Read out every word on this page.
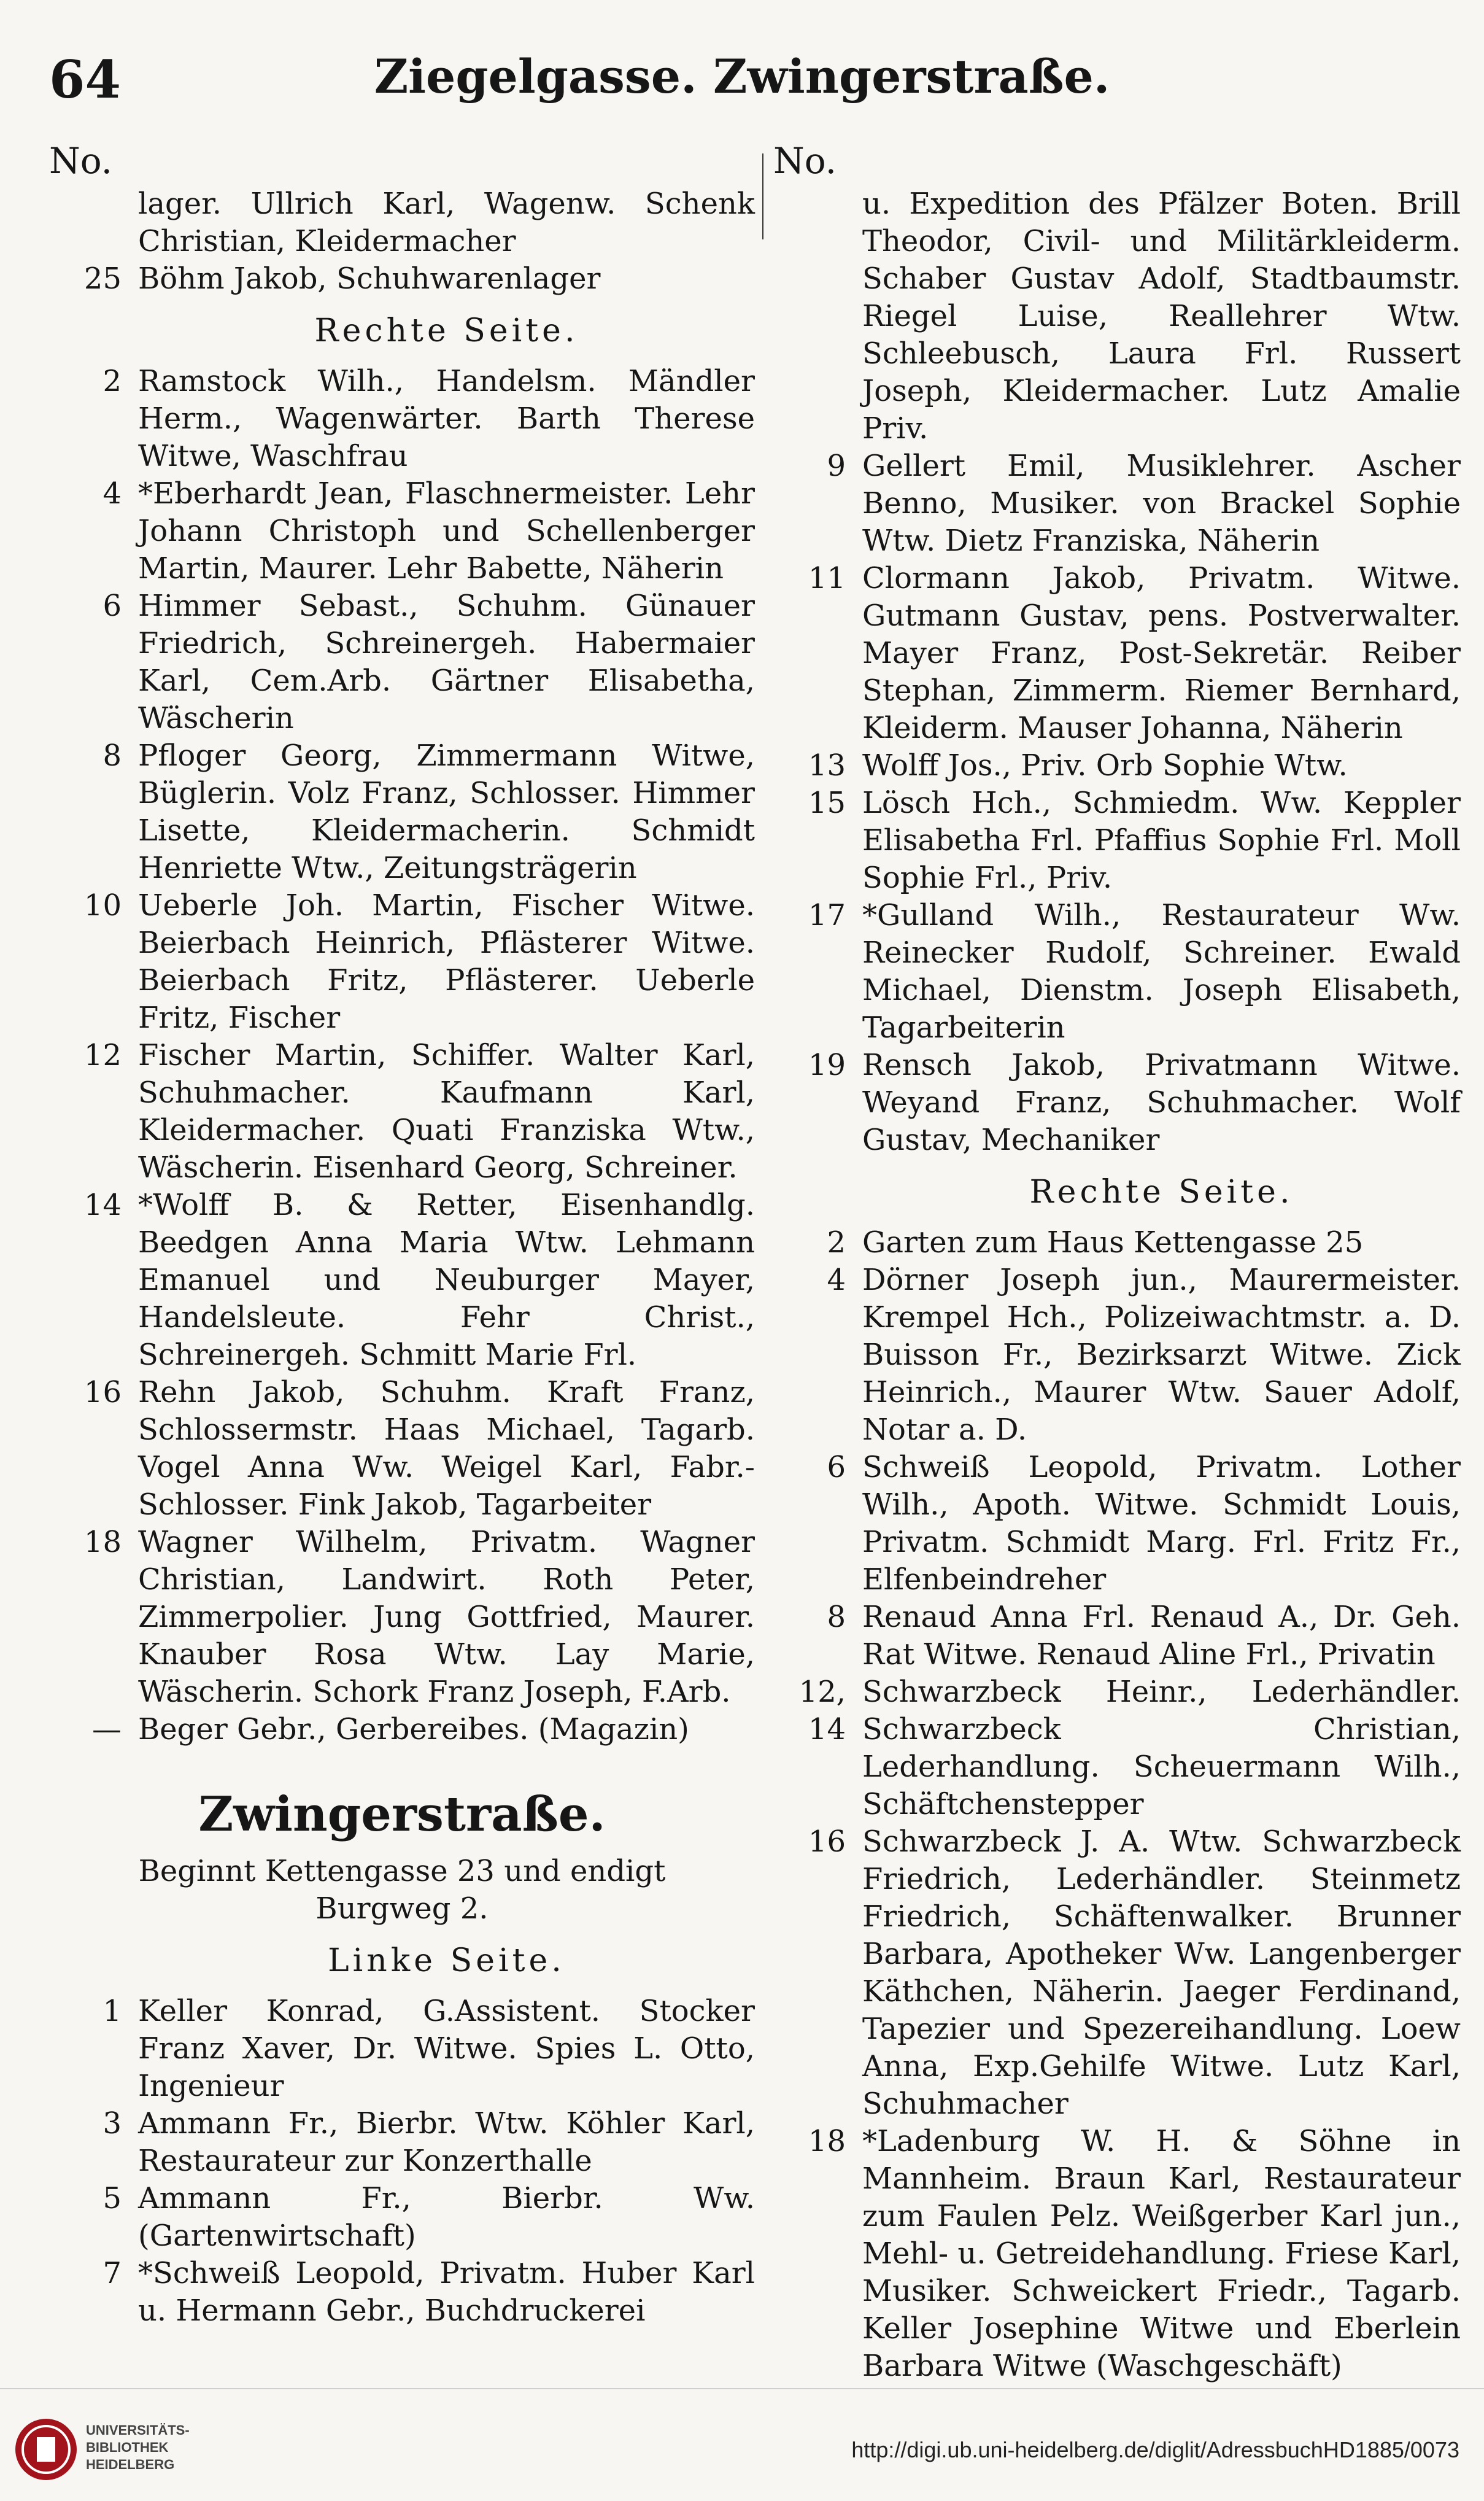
64	Ziegelgasse. Zwingerstraße.
No.
lager. Ullrich Karl, Wagenw. Schenk Christian, Kleidermacher
25 Böhm Jakob, Schuhwarenlager
Rechte Seite.
2 Ramstock Wilh., Handelsm. Mändler Herm., Wagenwärter. Barth Therese Witwe, Waschfrau
4 *Eberhardt Jean, Flaschnermeister. Lehr Johann Christoph und Schellenberger Martin, Maurer. Lehr Babette, Näherin
6 Himmer Sebast., Schuhm. Günauer Friedrich, Schreinergeh. Habermaier Karl, Cem.Arb. Gärtner Elisabetha, Wäscherin
8 Pfloger Georg, Zimmermann Witwe, Büglerin. Volz Franz, Schlosser. Himmer Lisette, Kleidermacherin. Schmidt Henriette Wtw., Zeitungsträgerin
10 Ueberle Joh. Martin, Fischer Witwe. Beierbach Heinrich, Pflästerer Witwe. Beierbach Fritz, Pflästerer. Ueberle Fritz, Fischer
12 Fischer Martin, Schiffer. Walter Karl, Schuhmacher. Kaufmann Karl, Kleidermacher. Quati Franziska Wtw., Wäscherin. Eisenhard Georg, Schreiner.
14 *Wolff B. & Retter, Eisenhandlg. Beedgen Anna Maria Wtw. Lehmann Emanuel und Neuburger Mayer, Handelsleute. Fehr Christ., Schreinergeh. Schmitt Marie Frl.
16 Rehn Jakob, Schuhm. Kraft Franz, Schlossermstr. Haas Michael, Tagarb. Vogel Anna Ww. Weigel Karl, Fabr.-Schlosser. Fink Jakob, Tagarbeiter
18 Wagner Wilhelm, Privatm. Wagner Christian, Landwirt. Roth Peter, Zimmerpolier. Jung Gottfried, Maurer. Knauber Rosa Wtw. Lay Marie, Wäscherin. Schork Franz Joseph, F.Arb.
— Beger Gebr., Gerbereibes. (Magazin)
Zwingerstraße.
Beginnt Kettengasse 23 und endigt Burgweg 2.
Linke Seite.
1 Keller Konrad, G.Assistent. Stocker Franz Xaver, Dr. Witwe. Spies L. Otto, Ingenieur
3 Ammann Fr., Bierbr. Wtw. Köhler Karl, Restaurateur zur Konzerthalle
5 Ammann Fr., Bierbr. Ww. (Gartenwirtschaft)
7 *Schweiß Leopold, Privatm. Huber Karl u. Hermann Gebr., Buchdruckerei
No.
u. Expedition des Pfälzer Boten. Brill Theodor, Civil- und Militärkleiderm. Schaber Gustav Adolf, Stadtbaumstr. Riegel Luise, Reallehrer Wtw. Schleebusch, Laura Frl. Russert Joseph, Kleidermacher. Lutz Amalie Priv.
9 Gellert Emil, Musiklehrer. Ascher Benno, Musiker. von Brackel Sophie Wtw. Dietz Franziska, Näherin
11 Clormann Jakob, Privatm. Witwe. Gutmann Gustav, pens. Postverwalter. Mayer Franz, Post-Sekretär. Reiber Stephan, Zimmerm. Riemer Bernhard, Kleiderm. Mauser Johanna, Näherin
13 Wolff Jos., Priv. Orb Sophie Wtw.
15 Lösch Hch., Schmiedm. Ww. Keppler Elisabetha Frl. Pfaffius Sophie Frl. Moll Sophie Frl., Priv.
17 *Gulland Wilh., Restaurateur Ww. Reinecker Rudolf, Schreiner. Ewald Michael, Dienstm. Joseph Elisabeth, Tagarbeiterin
19 Rensch Jakob, Privatmann Witwe. Weyand Franz, Schuhmacher. Wolf Gustav, Mechaniker
Rechte Seite.
2 Garten zum Haus Kettengasse 25
4 Dörner Joseph jun., Maurermeister. Krempel Hch., Polizeiwachtmstr. a. D. Buisson Fr., Bezirksarzt Witwe. Zick Heinrich., Maurer Wtw. Sauer Adolf, Notar a. D.
6 Schweiß Leopold, Privatm. Lother Wilh., Apoth. Witwe. Schmidt Louis, Privatm. Schmidt Marg. Frl. Fritz Fr., Elfenbeindreher
8 Renaud Anna Frl. Renaud A., Dr. Geh. Rat Witwe. Renaud Aline Frl., Privatin
12, 14
Schwarzbeck Heinr., Lederhändler. Schwarzbeck Christian, Lederhandlung. Scheuermann Wilh., Schäftchenstepper
16 Schwarzbeck J. A. Wtw. Schwarzbeck Friedrich, Lederhändler. Steinmetz Friedrich, Schäftenwalker. Brunner Barbara, Apotheker Ww. Langenberger Käthchen, Näherin. Jaeger Ferdinand, Tapezier und Spezereihandlung. Loew Anna, Exp.Gehilfe Witwe. Lutz Karl, Schuhmacher
18 *Ladenburg W. H. & Söhne in Mannheim. Braun Karl, Restaurateur zum Faulen Pelz. Weißgerber Karl jun., Mehl- u. Getreidehandlung. Friese Karl, Musiker. Schweickert Friedr., Tagarb. Keller Josephine Witwe und Eberlein Barbara Witwe (Waschgeschäft)
UNIVERSITÄTS-
BIBLIOTHEK
HEIDELBERG
http://digi.ub.uni-heidelberg.de/diglit/AdressbuchHD1885/0073
